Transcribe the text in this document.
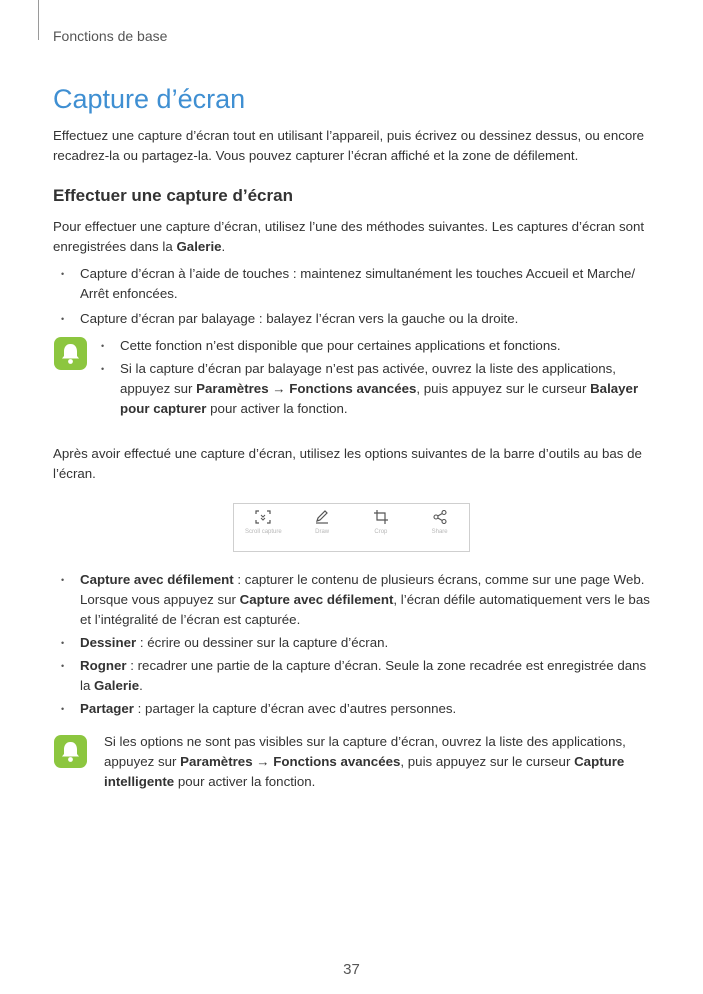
Fonctions de base
Capture d’écran

Effectuez une capture d’écran tout en utilisant l’appareil, puis écrivez ou dessinez dessus, ou encore recadrez-la ou partagez-la. Vous pouvez capturer l’écran affiché et la zone de défilement.

Effectuer une capture d’écran

Pour effectuer une capture d’écran, utilisez l’une des méthodes suivantes. Les captures d’écran sont enregistrées dans la Galerie.

• Capture d’écran à l’aide de touches : maintenez simultanément les touches Accueil et Marche/ Arrêt enfoncées.
• Capture d’écran par balayage : balayez l’écran vers la gauche ou la droite.
• Cette fonction n’est disponible que pour certaines applications et fonctions.
• Si la capture d’écran par balayage n’est pas activée, ouvrez la liste des applications, appuyez sur Paramètres → Fonctions avancées, puis appuyez sur le curseur Balayer pour capturer pour activer la fonction.

Après avoir effectué une capture d’écran, utilisez les options suivantes de la barre d’outils au bas de l’écran.

Scroll capture	Draw	Crop	Share
• Capture avec défilement : capturer le contenu de plusieurs écrans, comme sur une page Web. Lorsque vous appuyez sur Capture avec défilement, l’écran défile automatiquement vers le bas et l’intégralité de l’écran est capturée.
• Dessiner : écrire ou dessiner sur la capture d’écran.
• Rogner : recadrer une partie de la capture d’écran. Seule la zone recadrée est enregistrée dans la Galerie.
• Partager : partager la capture d’écran avec d’autres personnes.

Si les options ne sont pas visibles sur la capture d’écran, ouvrez la liste des applications, appuyez sur Paramètres → Fonctions avancées, puis appuyez sur le curseur Capture intelligente pour activer la fonction.

37
